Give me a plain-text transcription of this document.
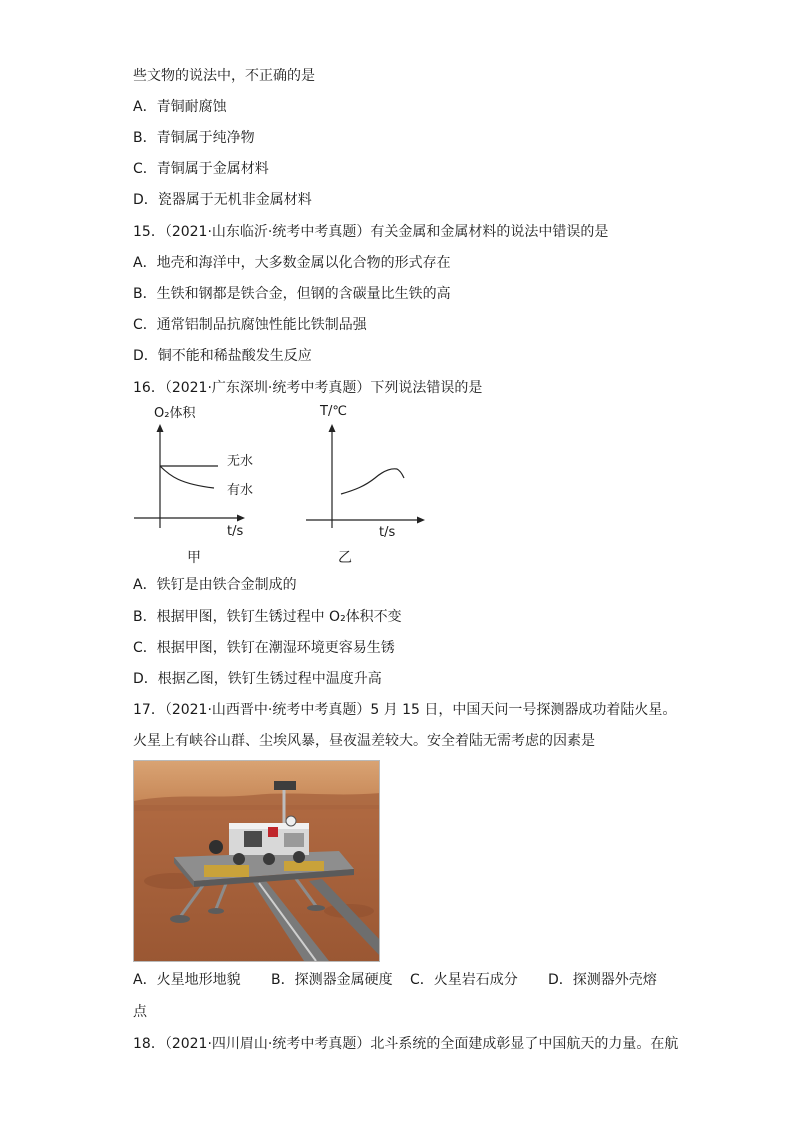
些文物的说法中，不正确的是
A．青铜耐腐蚀
B．青铜属于纯净物
C．青铜属于金属材料
D．瓷器属于无机非金属材料
15．（2021·山东临沂·统考中考真题）有关金属和金属材料的说法中错误的是
A．地壳和海洋中，大多数金属以化合物的形式存在
B．生铁和钢都是铁合金，但钢的含碳量比生铁的高
C．通常铝制品抗腐蚀性能比铁制品强
D．铜不能和稀盐酸发生反应
16．（2021·广东深圳·统考中考真题）下列说法错误的是
O₂体积
t/s
无水
有水
甲
T/℃
t/s
乙
A．铁钉是由铁合金制成的
B．根据甲图，铁钉生锈过程中 O₂体积不变
C．根据甲图，铁钉在潮湿环境更容易生锈
D．根据乙图，铁钉生锈过程中温度升高
17．（2021·山西晋中·统考中考真题）5 月 15 日，中国天问一号探测器成功着陆火星。
火星上有峡谷山群、尘埃风暴，昼夜温差较大。安全着陆无需考虑的因素是
A．火星地形地貌 B．探测器金属硬度 C．火星岩石成分 D．探测器外壳熔
点
18．（2021·四川眉山·统考中考真题）北斗系统的全面建成彰显了中国航天的力量。在航
